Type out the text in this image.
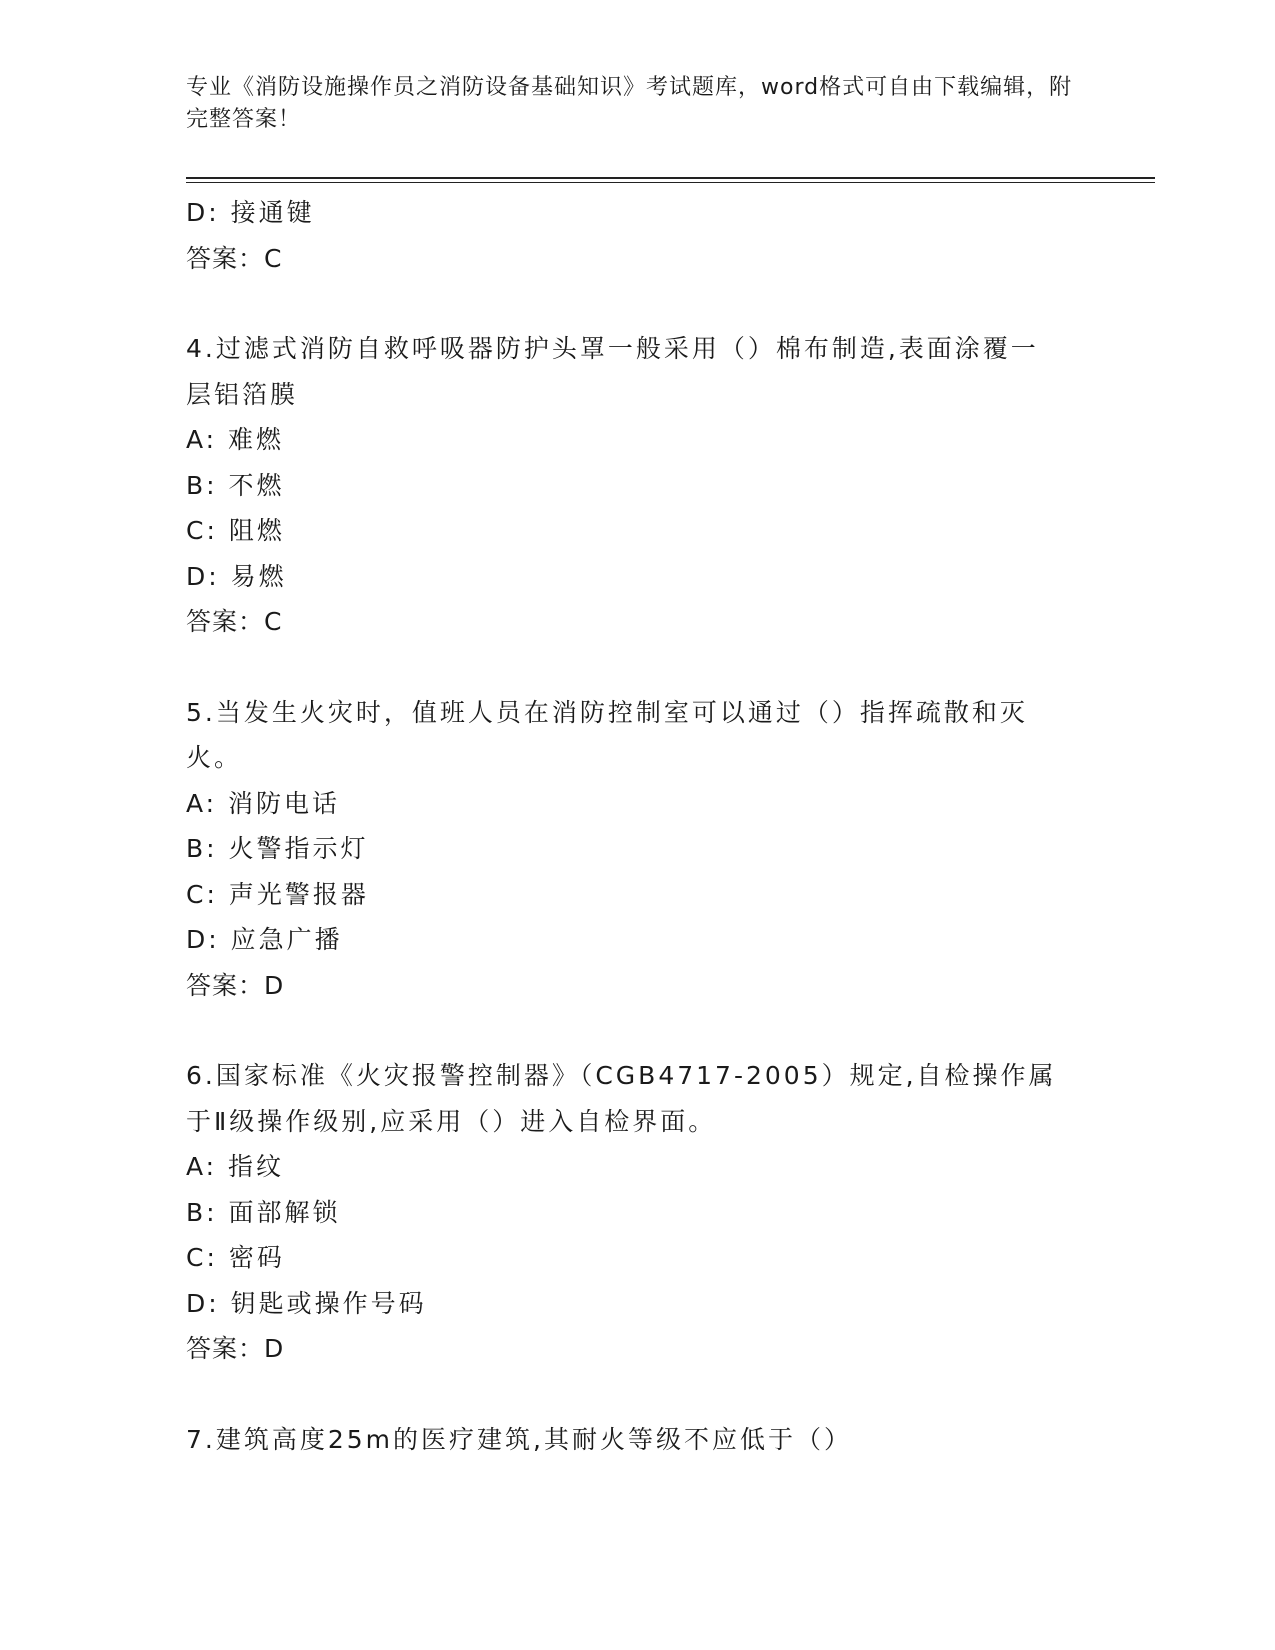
专业《消防设施操作员之消防设备基础知识》考试题库，word格式可自由下载编辑，附完整答案！

D: 接通键

答案：C

4.过滤式消防自救呼吸器防护头罩一般采用（）棉布制造,表面涂覆一层铝箔膜

A: 难燃

B: 不燃

C: 阻燃

D: 易燃

答案：C

5.当发生火灾时，值班人员在消防控制室可以通过（）指挥疏散和灭火。

A: 消防电话

B: 火警指示灯

C: 声光警报器

D: 应急广播

答案：D

6.国家标准《火灾报警控制器》（CGB4717-2005）规定,自检操作属于Ⅱ级操作级别,应采用（）进入自检界面。

A: 指纹

B: 面部解锁

C: 密码

D: 钥匙或操作号码

答案：D

7.建筑高度25m的医疗建筑,其耐火等级不应低于（）
